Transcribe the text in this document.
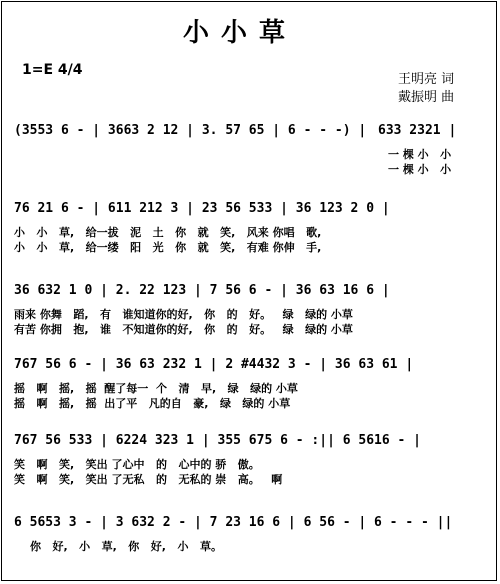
小小草
1=E 4/4
王明亮 词
戴振明 曲
(3553 6 - | 3663 2 12 | 3. 57 65 | 6 - - -) | 633 2321 |
一 棵 小   小
一 棵 小   小
76 21 6 - | 611 212 3 | 23 56 533 | 36 123 2 0 |
小   小   草,   给一拔   泥   土   你   就   笑,   风来 你唱   歌,
小   小   草,   给一缕   阳   光   你   就   笑,   有难 你伸   手,
36 632 1 0 | 2. 22 123 | 7 56 6 - | 36 63 16 6 |
雨来 你舞   蹈,   有   谁知道你的好,   你   的   好。   绿   绿的 小草
有苦 你拥   抱,   谁   不知道你的好,   你   的   好。   绿   绿的 小草
767 56 6 - | 36 63 232 1 | 2 #4432 3 - | 36 63 61 |
摇   啊   摇,   摇  醒了每一  个   清   早,   绿   绿的 小草
摇   啊   摇,   摇  出了平   凡的自   豪,   绿   绿的 小草
767 56 533 | 6224 323 1 | 355 675 6 - :|| 6 5616 - |
笑   啊   笑,   笑出 了心中   的   心中的 骄   傲。
笑   啊   笑,   笑出 了无私   的   无私的 崇   高。   啊
6 5653 3 - | 3 632 2 - | 7 23 16 6 | 6 56 - | 6 - - - ||
你   好,   小   草,   你   好,   小   草。
